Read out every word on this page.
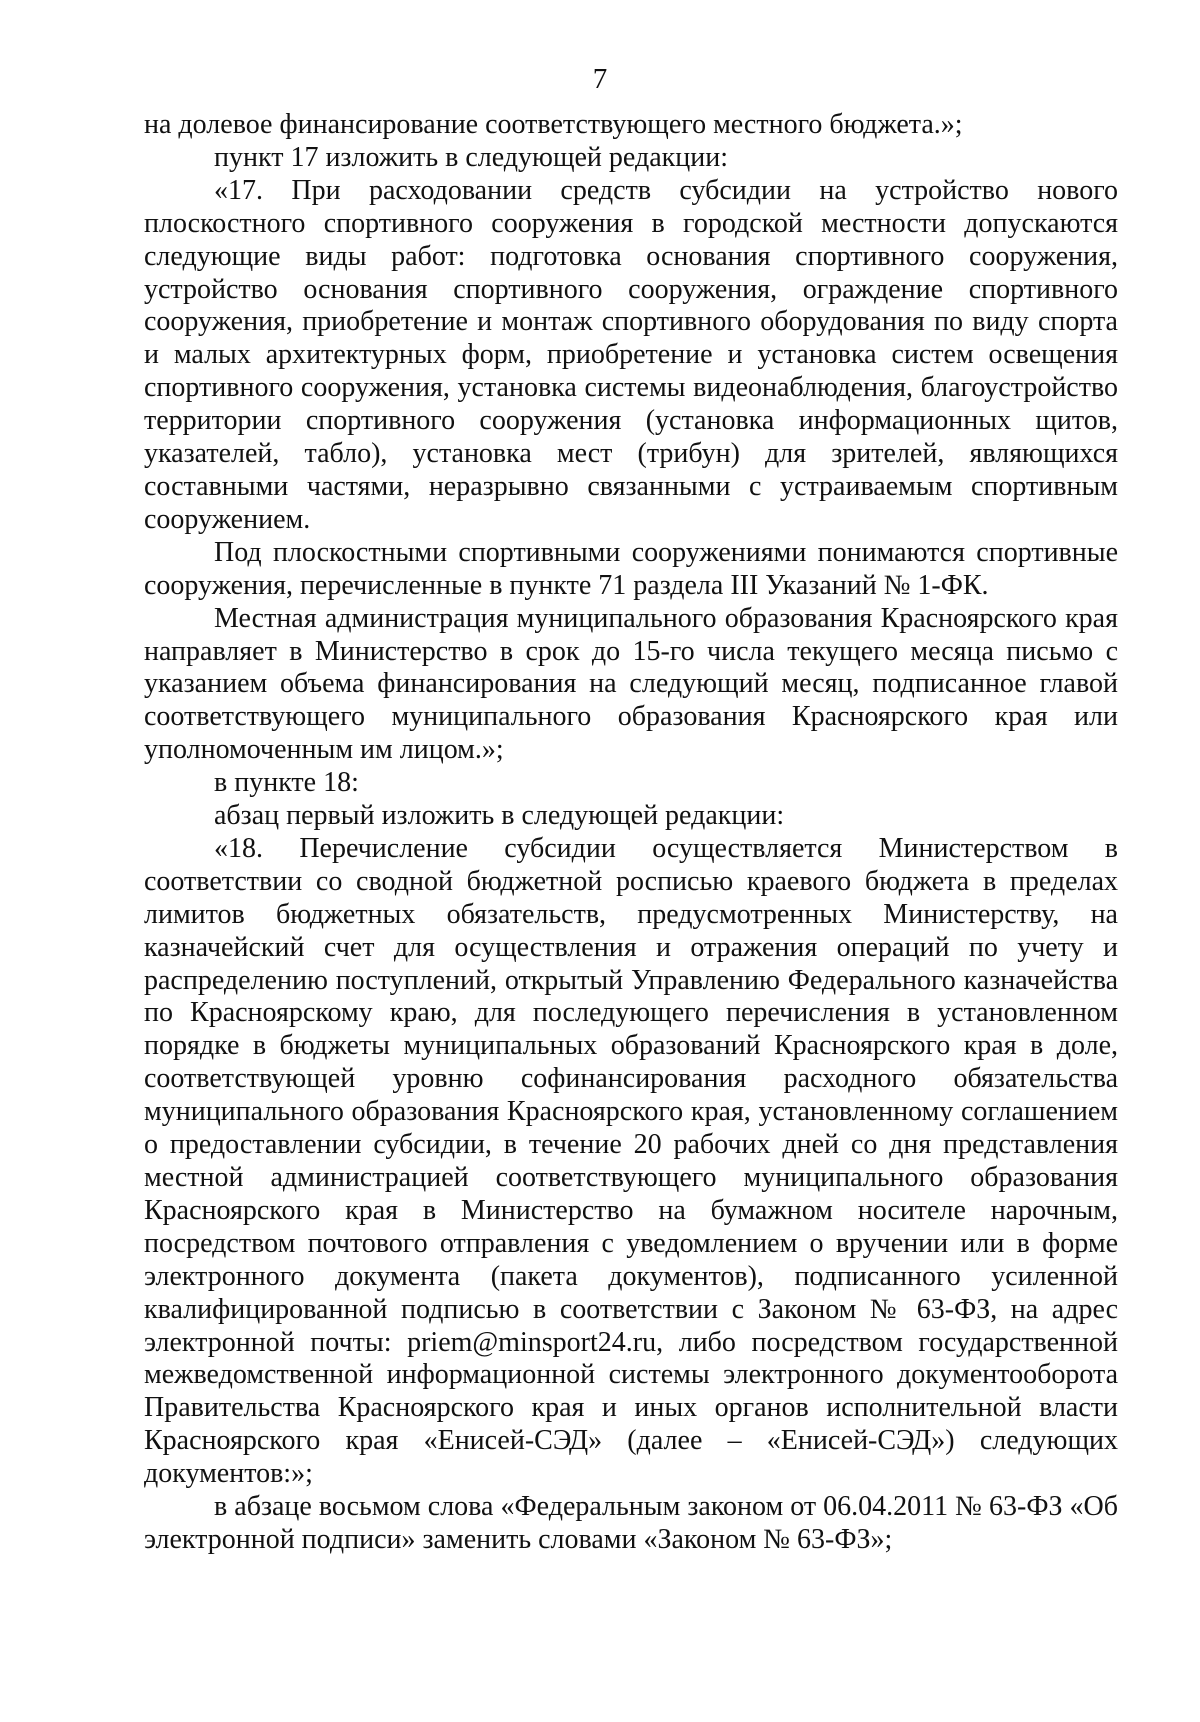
7

на долевое финансирование соответствующего местного бюджета.»;

пункт 17 изложить в следующей редакции:

«17. При расходовании средств субсидии на устройство нового плоскостного спортивного сооружения в городской местности допускаются следующие виды работ: подготовка основания спортивного сооружения, устройство основания спортивного сооружения, ограждение спортивного сооружения, приобретение и монтаж спортивного оборудования по виду спорта и малых архитектурных форм, приобретение и установка систем освещения спортивного сооружения, установка системы видеонаблюдения, благоустройство территории спортивного сооружения (установка информационных щитов, указателей, табло), установка мест (трибун) для зрителей, являющихся составными частями, неразрывно связанными с устраиваемым спортивным сооружением.

Под плоскостными спортивными сооружениями понимаются спортивные сооружения, перечисленные в пункте 71 раздела III Указаний № 1-ФК.

Местная администрация муниципального образования Красноярского края направляет в Министерство в срок до 15-го числа текущего месяца письмо с указанием объема финансирования на следующий месяц, подписанное главой соответствующего муниципального образования Красноярского края или уполномоченным им лицом.»;

в пункте 18:

абзац первый изложить в следующей редакции:

«18. Перечисление субсидии осуществляется Министерством в соответствии со сводной бюджетной росписью краевого бюджета в пределах лимитов бюджетных обязательств, предусмотренных Министерству, на казначейский счет для осуществления и отражения операций по учету и распределению поступлений, открытый Управлению Федерального казначейства по Красноярскому краю, для последующего перечисления в установленном порядке в бюджеты муниципальных образований Красноярского края в доле, соответствующей уровню софинансирования расходного обязательства муниципального образования Красноярского края, установленному соглашением о предоставлении субсидии, в течение 20 рабочих дней со дня представления местной администрацией соответствующего муниципального образования Красноярского края в Министерство на бумажном носителе нарочным, посредством почтового отправления с уведомлением о вручении или в форме электронного документа (пакета документов), подписанного усиленной квалифицированной подписью в соответствии с Законом № 63-ФЗ, на адрес электронной почты: priem@minsport24.ru, либо посредством государственной межведомственной информационной системы электронного документооборота Правительства Красноярского края и иных органов исполнительной власти Красноярского края «Енисей-СЭД» (далее – «Енисей-СЭД») следующих документов:»;

в абзаце восьмом слова «Федеральным законом от 06.04.2011 № 63-ФЗ «Об электронной подписи» заменить словами «Законом № 63-ФЗ»;
